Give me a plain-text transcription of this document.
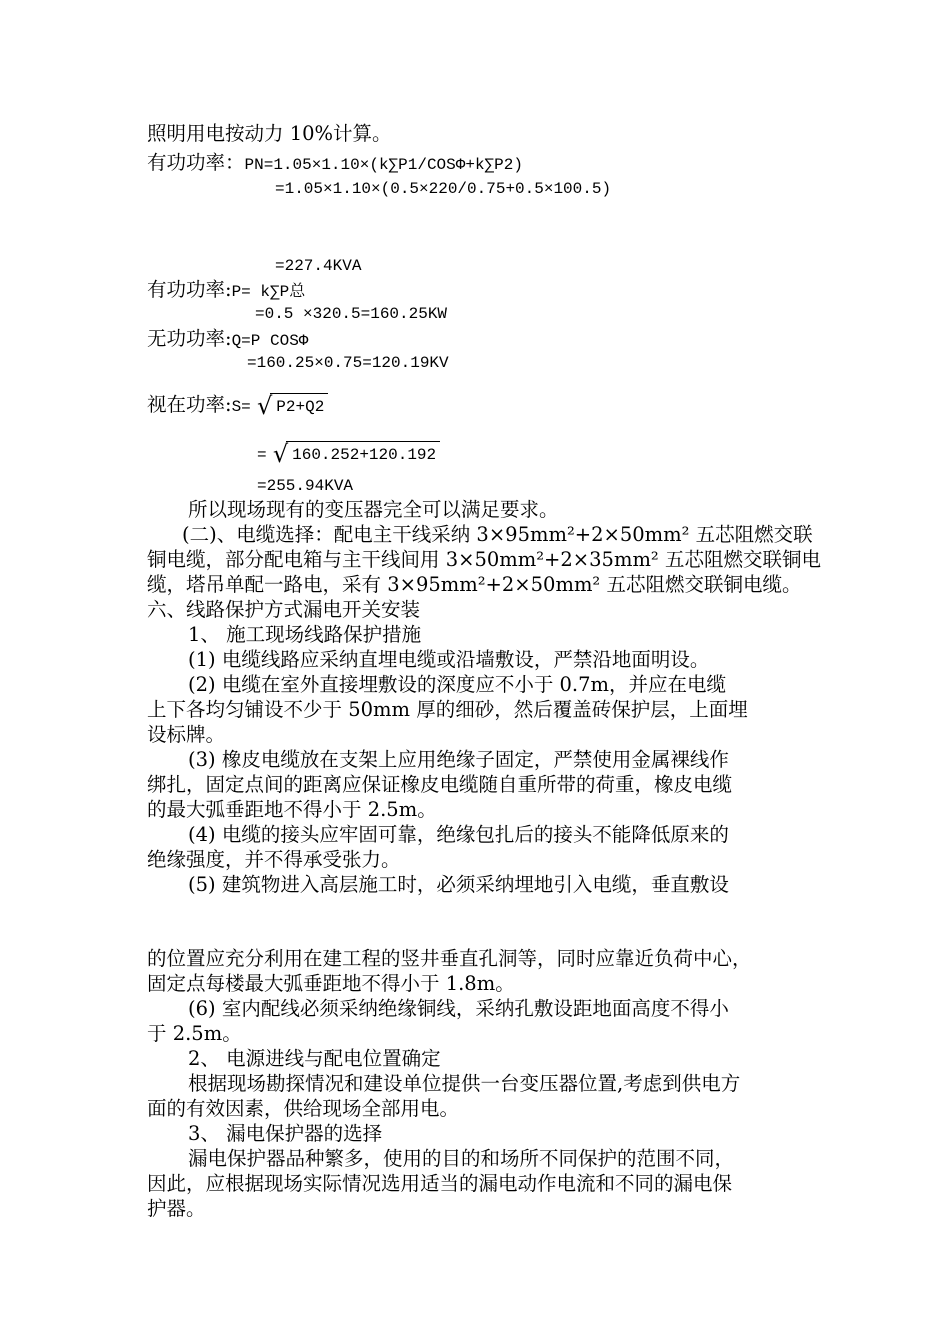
照明用电按动力 10%计算。
有功功率：PN=1.05×1.10×(k∑P1/COSΦ+k∑P2)
=1.05×1.10×(0.5×220/0.75+0.5×100.5)
=227.4KVA
有功功率:P= k∑P总
=0.5 ×320.5=160.25KW
无功功率:Q=P COSΦ
=160.25×0.75=120.19KV
视在功率:S= √ P2+Q2
= √ 160.252+120.192
=255.94KVA
所以现场现有的变压器完全可以满足要求。
(二)、电缆选择：配电主干线采纳 3×95mm²+2×50mm² 五芯阻燃交联
铜电缆，部分配电箱与主干线间用 3×50mm²+2×35mm² 五芯阻燃交联铜电
缆，塔吊单配一路电，采有 3×95mm²+2×50mm² 五芯阻燃交联铜电缆。
六、线路保护方式漏电开关安装
1、 施工现场线路保护措施
(1) 电缆线路应采纳直埋电缆或沿墙敷设，严禁沿地面明设。
(2) 电缆在室外直接埋敷设的深度应不小于 0.7m，并应在电缆
上下各均匀铺设不少于 50mm 厚的细砂，然后覆盖砖保护层，上面埋
设标牌。
(3) 橡皮电缆放在支架上应用绝缘子固定，严禁使用金属裸线作
绑扎，固定点间的距离应保证橡皮电缆随自重所带的荷重，橡皮电缆
的最大弧垂距地不得小于 2.5m。
(4) 电缆的接头应牢固可靠，绝缘包扎后的接头不能降低原来的
绝缘强度，并不得承受张力。
(5) 建筑物进入高层施工时，必须采纳埋地引入电缆，垂直敷设
的位置应充分利用在建工程的竖井垂直孔洞等，同时应靠近负荷中心，
固定点每楼最大弧垂距地不得小于 1.8m。
(6) 室内配线必须采纳绝缘铜线，采纳孔敷设距地面高度不得小
于 2.5m。
2、 电源进线与配电位置确定
根据现场勘探情况和建设单位提供一台变压器位置,考虑到供电方
面的有效因素，供给现场全部用电。
3、 漏电保护器的选择
漏电保护器品种繁多，使用的目的和场所不同保护的范围不同，
因此，应根据现场实际情况选用适当的漏电动作电流和不同的漏电保
护器。
